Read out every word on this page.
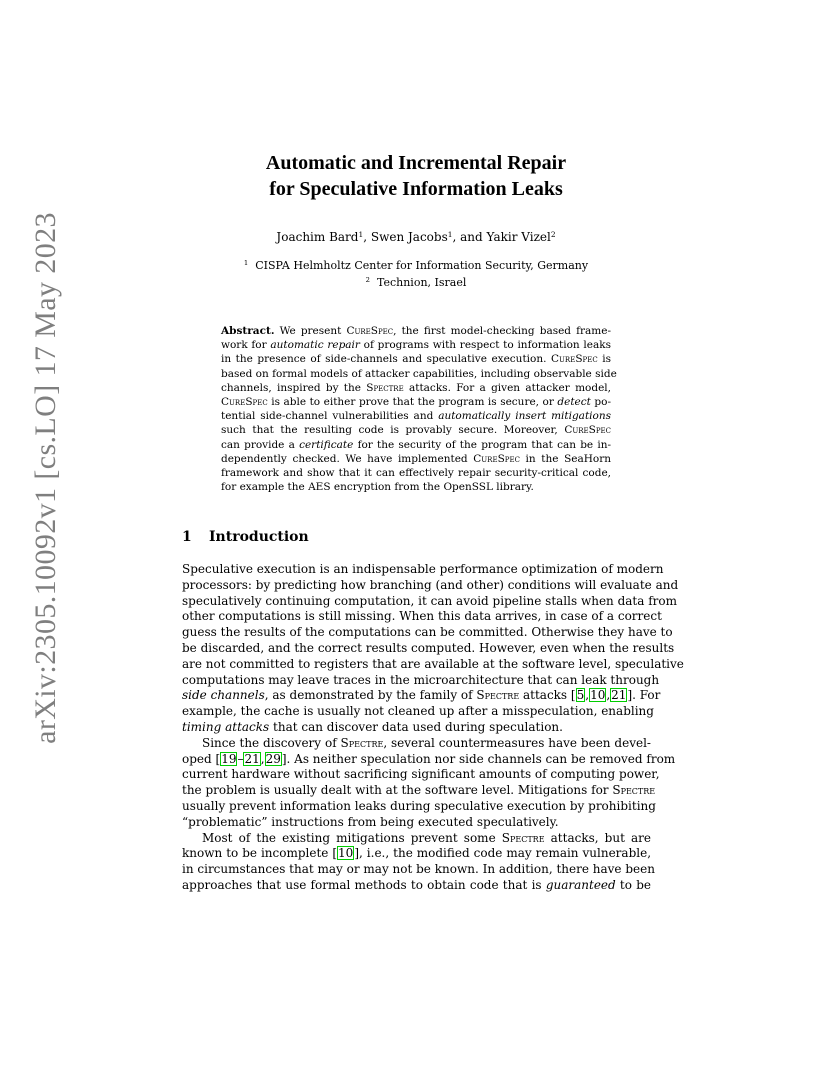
arXiv:2305.10092v1 [cs.LO] 17 May 2023
Automatic and Incremental Repair
for Speculative Information Leaks
Joachim Bard$^1$, Swen Jacobs$^1$, and Yakir Vizel$^2$
$^1$ CISPA Helmholtz Center for Information Security, Germany
$^2$ Technion, Israel
Abstract. We present CureSpec, the first model-checking based frame-
work for automatic repair of programs with respect to information leaks
in the presence of side-channels and speculative execution. CureSpec is
based on formal models of attacker capabilities, including observable side
channels, inspired by the Spectre attacks. For a given attacker model,
CureSpec is able to either prove that the program is secure, or detect po-
tential side-channel vulnerabilities and automatically insert mitigations
such that the resulting code is provably secure. Moreover, CureSpec
can provide a certificate for the security of the program that can be in-
dependently checked. We have implemented CureSpec in the SeaHorn
framework and show that it can effectively repair security-critical code,
for example the AES encryption from the OpenSSL library.
1 Introduction
Speculative execution is an indispensable performance optimization of modern
processors: by predicting how branching (and other) conditions will evaluate and
speculatively continuing computation, it can avoid pipeline stalls when data from
other computations is still missing. When this data arrives, in case of a correct
guess the results of the computations can be committed. Otherwise they have to
be discarded, and the correct results computed. However, even when the results
are not committed to registers that are available at the software level, speculative
computations may leave traces in the microarchitecture that can leak through
side channels, as demonstrated by the family of Spectre attacks [5,10,21]. For
example, the cache is usually not cleaned up after a misspeculation, enabling
timing attacks that can discover data used during speculation.
Since the discovery of Spectre, several countermeasures have been devel-
oped [19–21,29]. As neither speculation nor side channels can be removed from
current hardware without sacrificing significant amounts of computing power,
the problem is usually dealt with at the software level. Mitigations for Spectre
usually prevent information leaks during speculative execution by prohibiting
“problematic” instructions from being executed speculatively.
Most of the existing mitigations prevent some Spectre attacks, but are
known to be incomplete [10], i.e., the modified code may remain vulnerable,
in circumstances that may or may not be known. In addition, there have been
approaches that use formal methods to obtain code that is guaranteed to be
